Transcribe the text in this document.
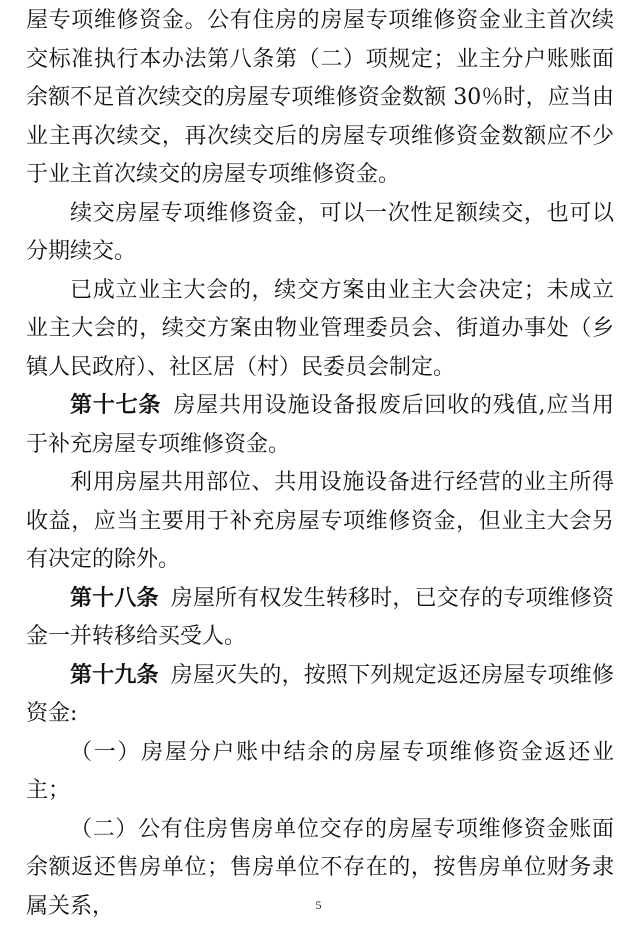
屋专项维修资金。公有住房的房屋专项维修资金业主首次续交标准执行本办法第八条第（二）项规定；业主分户账账面余额不足首次续交的房屋专项维修资金数额 30％时，应当由业主再次续交，再次续交后的房屋专项维修资金数额应不少于业主首次续交的房屋专项维修资金。

续交房屋专项维修资金，可以一次性足额续交，也可以分期续交。

已成立业主大会的，续交方案由业主大会决定；未成立业主大会的，续交方案由物业管理委员会、街道办事处（乡镇人民政府）、社区居（村）民委员会制定。

第十七条 房屋共用设施设备报废后回收的残值,应当用于补充房屋专项维修资金。

利用房屋共用部位、共用设施设备进行经营的业主所得收益，应当主要用于补充房屋专项维修资金，但业主大会另有决定的除外。

第十八条 房屋所有权发生转移时，已交存的专项维修资金一并转移给买受人。

第十九条 房屋灭失的，按照下列规定返还房屋专项维修资金:

（一）房屋分户账中结余的房屋专项维修资金返还业主；

（二）公有住房售房单位交存的房屋专项维修资金账面余额返还售房单位；售房单位不存在的，按售房单位财务隶属关系，	5
